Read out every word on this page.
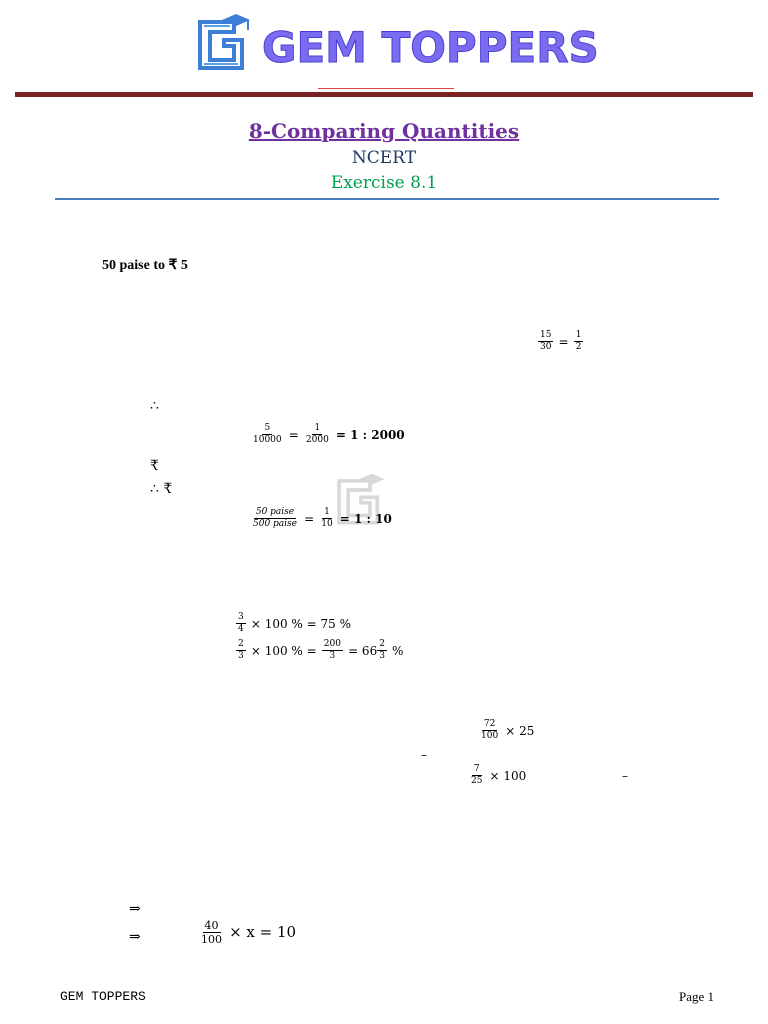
GEM TOPPERS
8-Comparing Quantities
NCERT
Exercise 8.1
50 paise to ₹ 5
$\frac{15}{30} = \frac{1}{2}$
∴
$\frac{5}{10000} = \frac{1}{2000} = 1$ : 2000
₹
∴ ₹
$\frac{\text{50 paise}}{\text{500 paise}} = \frac{1}{10} = 1$ : 10
$\frac{3}{4} \times 100$ % = 75 %
$\frac{2}{3} \times 100$ % = $\frac{200}{3} = 66 \frac{2}{3}$ %
$\frac{72}{100} \times 25$
–
$\frac{7}{25} \times 100$	–
⇒
⇒	$\frac{40}{100} \times x = 10$
GEM TOPPERS	Page 1
